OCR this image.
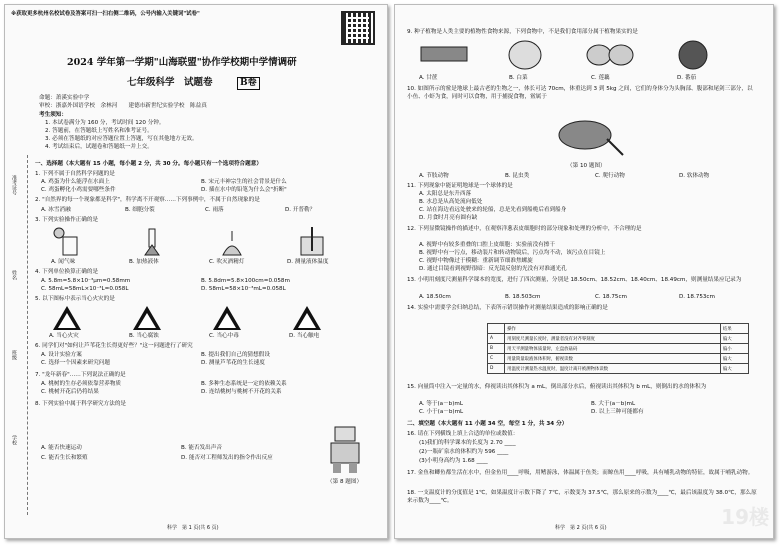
※获取更多杭州名校试卷及答案可扫一扫右侧二维码，公号内输入关键词"试卷"
2024 学年第一学期"山海联盟"协作学校期中学情调研
七年级科学　试题卷	B卷
命题：萧溪实验中学
审校：浙嘉外国语学校　余林河　　建德市新世纪实验学校　陈益真
考生须知：
1. 本试卷满分为 160 分，考试时间 120 分钟。
2. 答题前，在答题纸上写姓名和准考证号。
3. 必须在答题纸的对应答题位置上答题，写在其他地方无效。
4. 考试结束后，试题卷和答题纸一并上交。
准考证号
姓名
班级
学校
一、选择题（本大题有 15 小题，每小题 2 分，共 30 分。每小题只有一个选项符合题意）
1. 下列不属于自然科学问题的是
A. 鸡蛋为什么能浮在水面上	B. 宋元丰神宗生的社会背景是什么
C. 鸡蛋孵化小鸡需要哪些条件	D. 插在水中的铅笔为什么会"折断"
2. "自然界的每一个现象都是科学"，科学离不开观察……下列事例中，不属于自然现象的是
A. 冰雪消融	B. 细胞分裂	C. 雨落	D. 开普勒？
3. 下列实验操作正确的是
A. 闻气味	B. 加热液体	C. 吹灭酒精灯	D. 测量液体温度
4. 下列单位换算正确的是
A. 5.8m=5.8×10⁻³μm=0.58mm	B. 5.8dm=5.8×100cm=0.058m
C. 58mL=58mL×10⁻³L=0.058L	D. 58mL=58×10⁻³mL=0.058L
5. 以下图标中表示当心火灾的是
A. 当心火灾	B. 当心腐蚀	C. 当心中毒	D. 当心触电
6. 同学们对"如何让芦苇花生长得更好些？"这一问题进行了研究
A. 设计实验方案	B. 提出我们自己的猜想假设
C. 选择一个因素来研究问题	D. 测量芦苇花的生长速度
7. "龙年新春"……下列说法正确的是
A. 桃树的生存必须依靠营养物质	B. 多种生态系统是一定的依赖关系
C. 桃树开花后仍将结果	D. 连结桃树与桃树不开花的关系
8. 下列实验中属于科学研究方法的是
A. 能否快速运动	B. 能否发出声音
C. 能否生长和繁殖	D. 能否对工程师发出的指令作出反应
（第 8 题图）
科学　第 1 页(共 6 页)
9. 种子植物是人类主要的植物性食物来源，下列食物中，不是我们食用部分属于植物果实的是
A. 甘蔗	B. 白菜	C. 莲藕	D. 番茄
10. 如图所示的鲎是地球上最古老的生物之一，体长可达 70cm，体重达到 3 到 5kg 之间，它们的身体分为头胸部、腹部和尾剑三部分，以小鱼、小虾为食，同时可以食物，用于捕捉食物，鲎属于
（第 10 题图）
A. 节肢动物	B. 昆虫类	C. 爬行动物	D. 软体动物
11. 下列现象中能证明地球是一个球体的是
A. 太阳总是东升西落
B. 水总是从高处流向低处
C. 站在海边看远处驶来的轮船，总是先看到船桅后看到船身
D. 月食时月亮有圆有缺
12. 下列显微镜操作的描述中，在观察洋葱表皮细胞时的部分现象和处理的分析中，不合理的是
A. 视野中有较多重叠的口腔上皮细胞：实验前没有擦干
B. 视野中有一污点，移动装片和转动物镜后，污点均不动，该污点在目镜上
C. 视野中物像过于模糊：重新调节细准焦螺旋
D. 通过目镜看到视野很暗：反光镜反射的光没有对准通光孔
13. 小明用刻度尺测量科学课本的宽度，进行了四次测量，分别是 18.50cm、18.52cm、18.40cm、18.49cm，则测量结果应记录为
A. 18.50cm	B. 18.503cm	C. 18.75cm	D. 18.753cm
14. 实验中需要学会归纳总结，下表所示错误操作对测量结果造成的影响正确的是
	操作	结果
A	用刻度尺测量长度时，测量者没有对齐零刻度	偏大
B	用天平测量物体质量时，左盘放砝码	偏小
C	用量筒量取液体体积时，俯视读数	偏大
D	用温度计测量热水温度时，温度计离开被测物体读数	偏大
15. 向量筒中注入一定量的水，仰视读出其体积为 a mL，倒出部分水后，俯视读出其体积为 b mL，则倒出的水的体积为
A. 等于(a－b)mL	B. 大于(a－b)mL
C. 小于(a－b)mL	D. 以上三种可能都有
二、填空题（本大题有 11 小题 34 空，每空 1 分，共 34 分）
16. 请在下列横线上填上合适的单位或数值：
(1)我们的科学课本的长度为 2.70 ____
(2)一瓶矿泉水的体积约为 596 ____
(3)小明身高约为 1.68 ____
17. 金鱼和鲫鱼都生活在水中，但金鱼用____呼吸，用鳍游泳，体温属于鱼类；而鲸鱼用____呼吸，具有哺乳动物的特征，故属于哺乳动物。
18. 一支温度计的分度值是 1℃，如果温度计示数下降了 7℃，示数变为 37.5℃，那么原来的示数为____℃，最后该温度为 38.0℃，那么原来示数为____℃。
科学　第 2 页(共 6 页)	19楼
